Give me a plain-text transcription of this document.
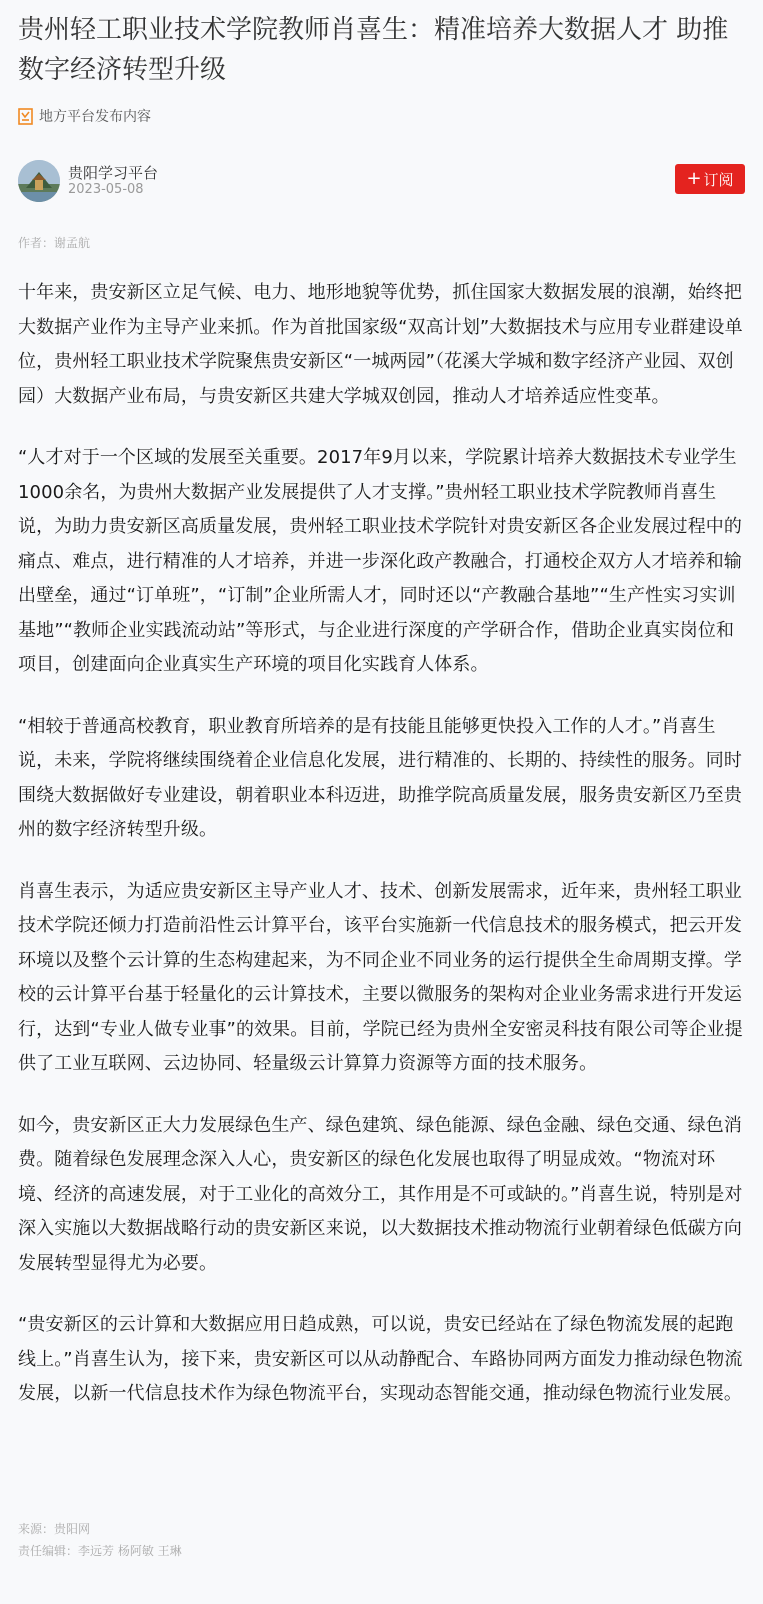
贵州轻工职业技术学院教师肖喜生：精准培养大数据人才 助推数字经济转型升级
地方平台发布内容
贵阳学习平台
2023-05-08
+ 订阅
作者：谢孟航

十年来，贵安新区立足气候、电力、地形地貌等优势，抓住国家大数据发展的浪潮，始终把大数据产业作为主导产业来抓。作为首批国家级“双高计划”大数据技术与应用专业群建设单位，贵州轻工职业技术学院聚焦贵安新区“一城两园”（花溪大学城和数字经济产业园、双创园）大数据产业布局，与贵安新区共建大学城双创园，推动人才培养适应性变革。

“人才对于一个区域的发展至关重要。2017年9月以来，学院累计培养大数据技术专业学生1000余名，为贵州大数据产业发展提供了人才支撑。”贵州轻工职业技术学院教师肖喜生说，为助力贵安新区高质量发展，贵州轻工职业技术学院针对贵安新区各企业发展过程中的痛点、难点，进行精准的人才培养，并进一步深化政产教融合，打通校企双方人才培养和输出壁垒，通过“订单班”，“订制”企业所需人才，同时还以“产教融合基地”“生产性实习实训基地”“教师企业实践流动站”等形式，与企业进行深度的产学研合作，借助企业真实岗位和项目，创建面向企业真实生产环境的项目化实践育人体系。

“相较于普通高校教育，职业教育所培养的是有技能且能够更快投入工作的人才。”肖喜生说，未来，学院将继续围绕着企业信息化发展，进行精准的、长期的、持续性的服务。同时围绕大数据做好专业建设，朝着职业本科迈进，助推学院高质量发展，服务贵安新区乃至贵州的数字经济转型升级。

肖喜生表示，为适应贵安新区主导产业人才、技术、创新发展需求，近年来，贵州轻工职业技术学院还倾力打造前沿性云计算平台，该平台实施新一代信息技术的服务模式，把云开发环境以及整个云计算的生态构建起来，为不同企业不同业务的运行提供全生命周期支撑。学校的云计算平台基于轻量化的云计算技术，主要以微服务的架构对企业业务需求进行开发运行，达到“专业人做专业事”的效果。目前，学院已经为贵州全安密灵科技有限公司等企业提供了工业互联网、云边协同、轻量级云计算算力资源等方面的技术服务。

如今，贵安新区正大力发展绿色生产、绿色建筑、绿色能源、绿色金融、绿色交通、绿色消费。随着绿色发展理念深入人心，贵安新区的绿色化发展也取得了明显成效。“物流对环境、经济的高速发展，对于工业化的高效分工，其作用是不可或缺的。”肖喜生说，特别是对深入实施以大数据战略行动的贵安新区来说，以大数据技术推动物流行业朝着绿色低碳方向发展转型显得尤为必要。

“贵安新区的云计算和大数据应用日趋成熟，可以说，贵安已经站在了绿色物流发展的起跑线上。”肖喜生认为，接下来，贵安新区可以从动静配合、车路协同两方面发力推动绿色物流发展，以新一代信息技术作为绿色物流平台，实现动态智能交通，推动绿色物流行业发展。

来源：贵阳网
责任编辑：李远芳 杨阿敏 王琳
